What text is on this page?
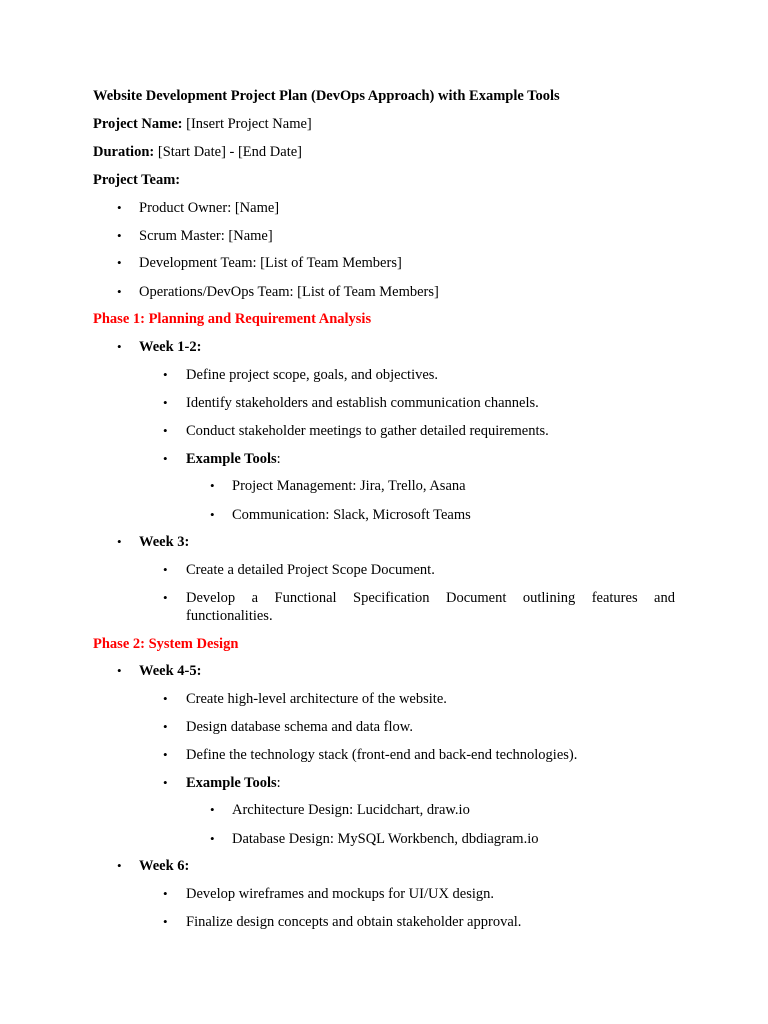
Website Development Project Plan (DevOps Approach) with Example Tools
Project Name: [Insert Project Name]
Duration: [Start Date] - [End Date]
Project Team:
• Product Owner: [Name]
• Scrum Master: [Name]
• Development Team: [List of Team Members]
• Operations/DevOps Team: [List of Team Members]
Phase 1: Planning and Requirement Analysis
• Week 1-2:
• Define project scope, goals, and objectives.
• Identify stakeholders and establish communication channels.
• Conduct stakeholder meetings to gather detailed requirements.
• Example Tools:
• Project Management: Jira, Trello, Asana
• Communication: Slack, Microsoft Teams
• Week 3:
• Create a detailed Project Scope Document.
• Develop a Functional Specification Document outlining features and
functionalities.
Phase 2: System Design
• Week 4-5:
• Create high-level architecture of the website.
• Design database schema and data flow.
• Define the technology stack (front-end and back-end technologies).
• Example Tools:
• Architecture Design: Lucidchart, draw.io
• Database Design: MySQL Workbench, dbdiagram.io
• Week 6:
• Develop wireframes and mockups for UI/UX design.
• Finalize design concepts and obtain stakeholder approval.
